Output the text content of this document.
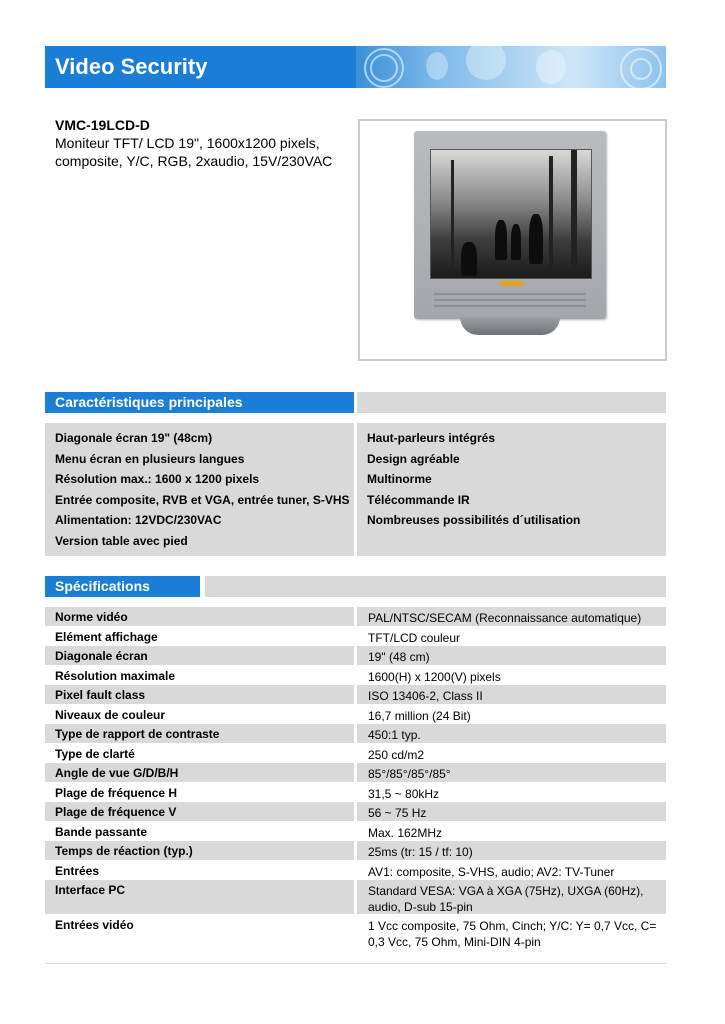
Video Security
VMC-19LCD-D
Moniteur TFT/ LCD 19", 1600x1200 pixels, composite, Y/C, RGB, 2xaudio, 15V/230VAC
Caractéristiques principales
Diagonale écran 19" (48cm)
Menu écran en plusieurs langues
Résolution max.: 1600 x 1200 pixels
Entrée composite, RVB et VGA, entrée tuner, S-VHS
Alimentation: 12VDC/230VAC
Version table avec pied
Haut-parleurs intégrés
Design agréable
Multinorme
Télécommande IR
Nombreuses possibilités d´utilisation
Spécifications
Norme vidéo	PAL/NTSC/SECAM (Reconnaissance automatique)
Elément affichage	TFT/LCD couleur
Diagonale écran	19" (48 cm)
Résolution maximale	1600(H) x 1200(V) pixels
Pixel fault class	ISO 13406-2, Class II
Niveaux de couleur	16,7 million (24 Bit)
Type de rapport de contraste	450:1 typ.
Type de clarté	250 cd/m2
Angle de vue G/D/B/H	85°/85°/85°/85°
Plage de fréquence H	31,5 ~ 80kHz
Plage de fréquence V	56 ~ 75 Hz
Bande passante	Max. 162MHz
Temps de réaction (typ.)	25ms (tr: 15 / tf: 10)
Entrées	AV1: composite, S-VHS, audio; AV2: TV-Tuner
Interface PC	Standard VESA: VGA à XGA (75Hz), UXGA (60Hz), audio, D-sub 15-pin
Entrées vidéo	1 Vcc composite, 75 Ohm, Cinch; Y/C: Y= 0,7 Vcc, C= 0,3 Vcc, 75 Ohm, Mini-DIN 4-pin
